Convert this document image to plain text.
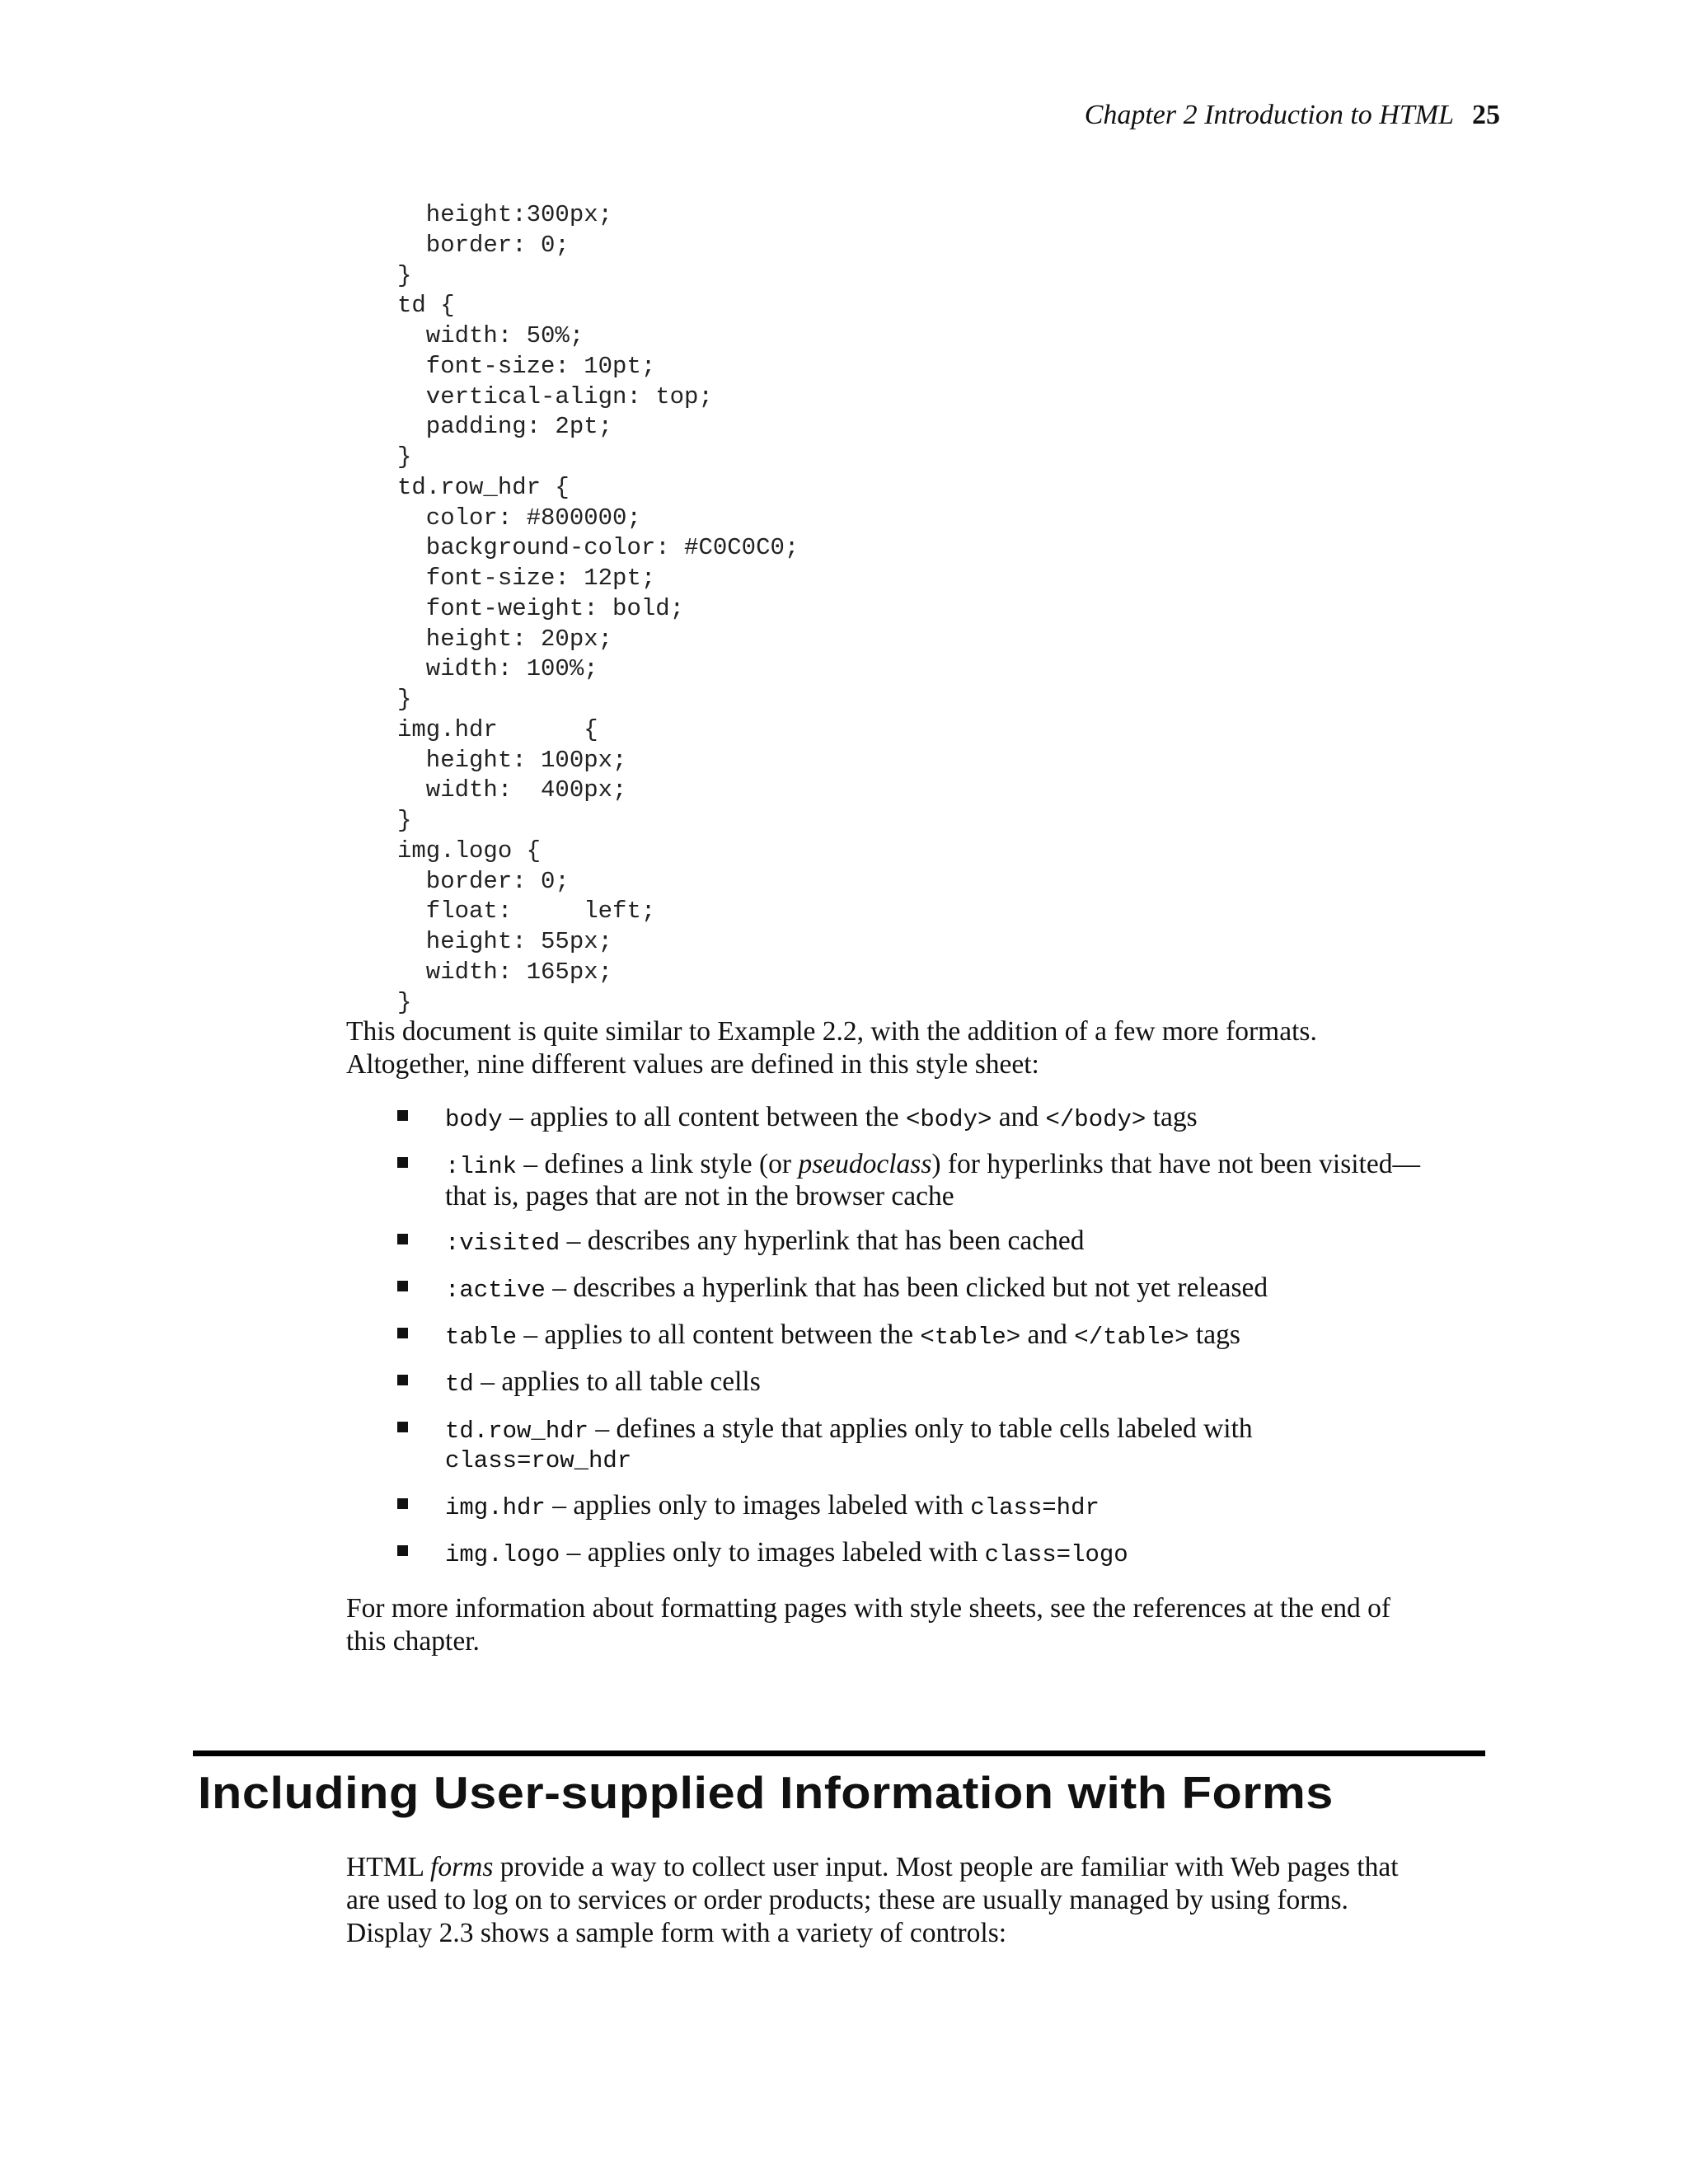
Chapter 2 Introduction to HTML 25
height:300px;
border: 0;
}
td {
width: 50%;
font-size: 10pt;
vertical-align: top;
padding: 2pt;
}
td.row_hdr {
color: #800000;
background-color: #C0C0C0;
font-size: 12pt;
font-weight: bold;
height: 20px;
width: 100%;
}
img.hdr      {
height: 100px;
width:  400px;
}
img.logo {
border: 0;
float:     left;
height: 55px;
width: 165px;
}

This document is quite similar to Example 2.2, with the addition of a few more formats.
Altogether, nine different values are defined in this style sheet:

body – applies to all content between the <body> and </body> tags
:link – defines a link style (or pseudoclass) for hyperlinks that have not been visited—
that is, pages that are not in the browser cache
:visited – describes any hyperlink that has been cached
:active – describes a hyperlink that has been clicked but not yet released
table – applies to all content between the <table> and </table> tags
td – applies to all table cells
td.row_hdr – defines a style that applies only to table cells labeled with
class=row_hdr
img.hdr – applies only to images labeled with class=hdr
img.logo – applies only to images labeled with class=logo

For more information about formatting pages with style sheets, see the references at the end of
this chapter.

Including User-supplied Information with Forms

HTML forms provide a way to collect user input. Most people are familiar with Web pages that
are used to log on to services or order products; these are usually managed by using forms.
Display 2.3 shows a sample form with a variety of controls:
